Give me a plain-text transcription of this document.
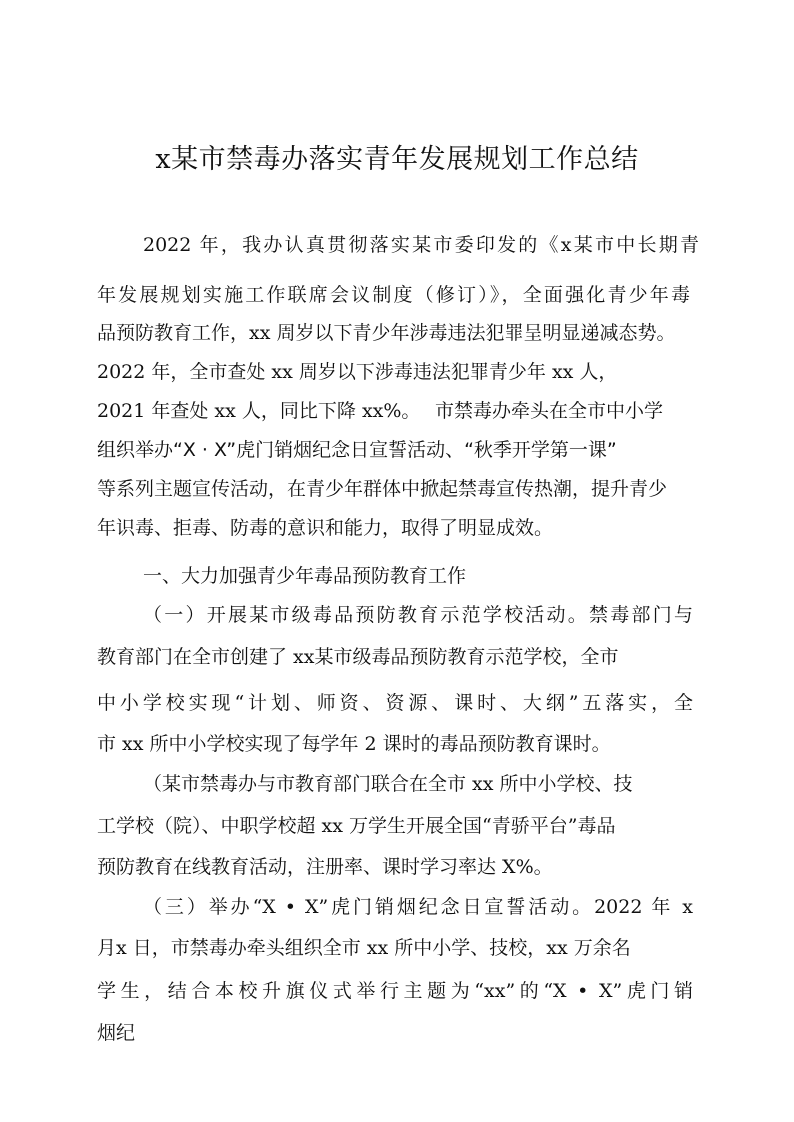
x某市禁毒办落实青年发展规划工作总结
2022 年，我办认真贯彻落实某市委印发的《x某市中长期青
年发展规划实施工作联席会议制度（修订）》，全面强化青少年毒
品预防教育工作，xx 周岁以下青少年涉毒违法犯罪呈明显递减态势。
2022 年，全市查处 xx 周岁以下涉毒违法犯罪青少年 xx 人，
2021 年查处 xx 人，同比下降 xx%。 市禁毒办牵头在全市中小学
组织举办“X · X”虎门销烟纪念日宣誓活动、“秋季开学第一课”
等系列主题宣传活动，在青少年群体中掀起禁毒宣传热潮，提升青少
年识毒、拒毒、防毒的意识和能力，取得了明显成效。
一、大力加强青少年毒品预防教育工作
（一）开展某市级毒品预防教育示范学校活动。禁毒部门与
教育部门在全市创建了 xx某市级毒品预防教育示范学校，全市
中小学校实现“计划、师资、资源、课时、大纲”五落实，全
市 xx 所中小学校实现了每学年 2 课时的毒品预防教育课时。
（某市禁毒办与市教育部门联合在全市 xx 所中小学校、技
工学校（院）、中职学校超 xx 万学生开展全国“青骄平台”毒品
预防教育在线教育活动，注册率、课时学习率达 X%。
（三）举办“X • X”虎门销烟纪念日宣誓活动。2022 年 x
月x 日，市禁毒办牵头组织全市 xx 所中小学、技校，xx 万余名
学生，结合本校升旗仪式举行主题为“xx”的“X • X”虎门销
烟纪
